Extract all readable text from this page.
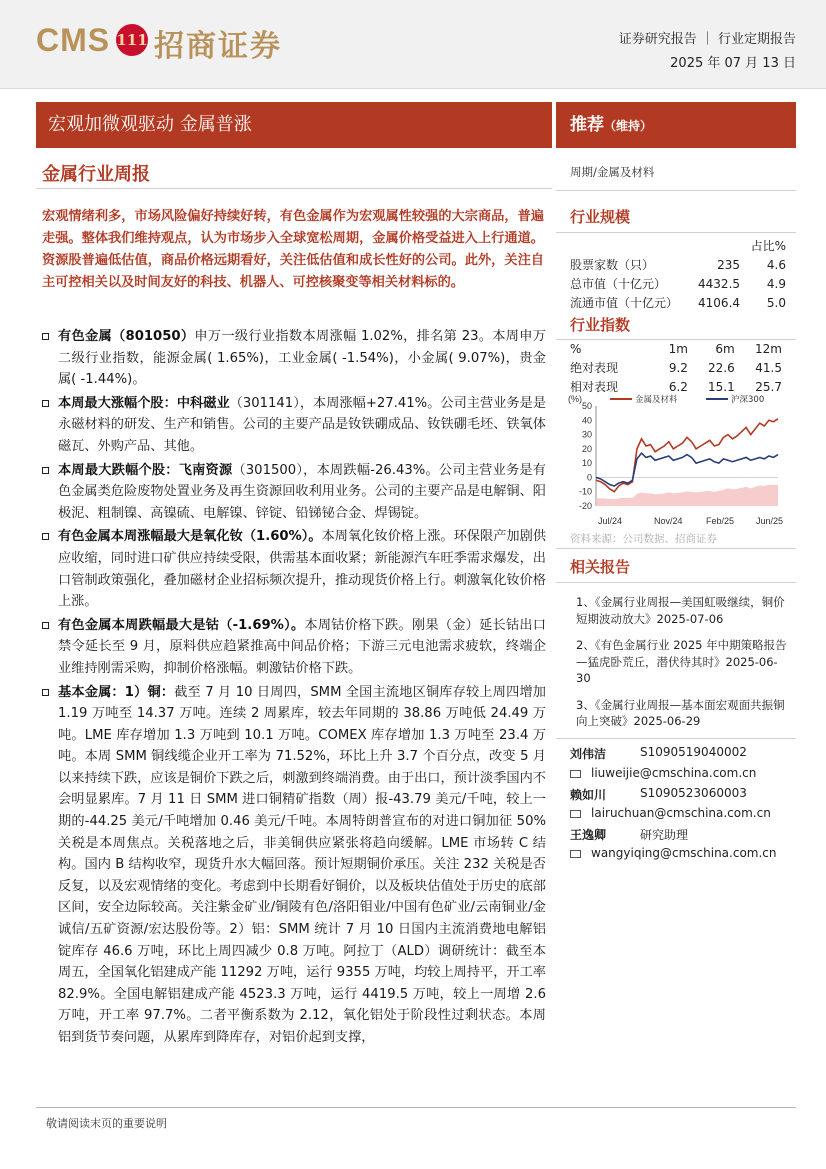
CMS 111 招商证券	证券研究报告 ｜ 行业定期报告
2025 年 07 月 13 日
宏观加微观驱动 金属普涨	推荐（维持）
金属行业周报
宏观情绪利多，市场风险偏好持续好转，有色金属作为宏观属性较强的大宗商品，普遍走强。整体我们维持观点，认为市场步入全球宽松周期，金属价格受益进入上行通道。资源股普遍低估值，商品价格远期看好，关注低估值和成长性好的公司。此外，关注自主可控相关以及时间友好的科技、机器人、可控核聚变等相关材料标的。
有色金属（801050）申万一级行业指数本周涨幅 1.02%，排名第 23。本周申万二级行业指数，能源金属( 1.65%)，工业金属( -1.54%)，小金属( 9.07%)，贵金属( -1.44%)。
本周最大涨幅个股：中科磁业（301141），本周涨幅+27.41%。公司主营业务是是永磁材料的研发、生产和销售。公司的主要产品是钕铁硼成品、钕铁硼毛坯、铁氧体磁瓦、外购产品、其他。
本周最大跌幅个股：飞南资源（301500），本周跌幅-26.43%。公司主营业务是有色金属类危险废物处置业务及再生资源回收利用业务。公司的主要产品是电解铜、阳极泥、粗制镍、高镍硫、电解镍、锌锭、铅锑铋合金、焊锡锭。
有色金属本周涨幅最大是氧化钕（1.60%）。本周氧化钕价格上涨。环保限产加剧供应收缩，同时进口矿供应持续受限，供需基本面收紧；新能源汽车旺季需求爆发，出口管制政策强化，叠加磁材企业招标频次提升，推动现货价格上行。刺激氧化钕价格上涨。
有色金属本周跌幅最大是钴（-1.69%）。本周钴价格下跌。刚果（金）延长钴出口禁令延长至 9 月，原料供应趋紧推高中间品价格；下游三元电池需求疲软，终端企业维持刚需采购，抑制价格涨幅。刺激钴价格下跌。
基本金属：1）铜：截至 7 月 10 日周四，SMM 全国主流地区铜库存较上周四增加 1.19 万吨至 14.37 万吨。连续 2 周累库，较去年同期的 38.86 万吨低 24.49 万吨。LME 库存增加 1.3 万吨到 10.1 万吨。COMEX 库存增加 1.3 万吨至 23.4 万吨。本周 SMM 铜线缆企业开工率为 71.52%，环比上升 3.7 个百分点，改变 5 月以来持续下跌，应该是铜价下跌之后，刺激到终端消费。由于出口，预计淡季国内不会明显累库。7 月 11 日 SMM 进口铜精矿指数（周）报-43.79 美元/千吨，较上一期的-44.25 美元/千吨增加 0.46 美元/千吨。本周特朗普宣布的对进口铜加征 50%关税是本周焦点。关税落地之后，非美铜供应紧张将趋向缓解。LME 市场转 C 结构。国内 B 结构收窄，现货升水大幅回落。预计短期铜价承压。关注 232 关税是否反复，以及宏观情绪的变化。考虑到中长期看好铜价，以及板块估值处于历史的底部区间，安全边际较高。关注紫金矿业/铜陵有色/洛阳钼业/中国有色矿业/云南铜业/金诚信/五矿资源/宏达股份等。2）铝：SMM 统计 7 月 10 日国内主流消费地电解铝锭库存 46.6 万吨，环比上周四减少 0.8 万吨。阿拉丁（ALD）调研统计：截至本周五，全国氧化铝建成产能 11292 万吨，运行 9355 万吨，均较上周持平，开工率 82.9%。全国电解铝建成产能 4523.3 万吨，运行 4419.5 万吨，较上一周增 2.6 万吨，开工率 97.7%。二者平衡系数为 2.12，氧化铝处于阶段性过剩状态。本周铝到货节奏问题，从累库到降库存，对铝价起到支撑，
周期/金属及材料
行业规模
		占比%
股票家数（只）	235	4.6
总市值（十亿元）	4432.5	4.9
流通市值（十亿元）	4106.4	5.0
行业指数
%	1m	6m	12m
绝对表现	9.2	22.6	41.5
相对表现	6.2	15.1	25.7
-20
-10
0
10
20
30
40
50
(%)	金属及材料	沪深300
Jul/24	Nov/24	Feb/25 Jun/25
资料来源：公司数据、招商证券
相关报告
1、《金属行业周报—美国虹吸继续，铜价短期波动放大》2025-07-06
2、《有色金属行业 2025 年中期策略报告—猛虎卧荒丘，潜伏待其时》2025-06-30
3、《金属行业周报—基本面宏观面共振铜向上突破》2025-06-29
刘伟洁	S1090519040002
liuweijie@cmschina.com.cn
赖如川	S1090523060003
lairuchuan@cmschina.com.cn
王逸卿	研究助理
wangyiqing@cmschina.com.cn
敬请阅读末页的重要说明
